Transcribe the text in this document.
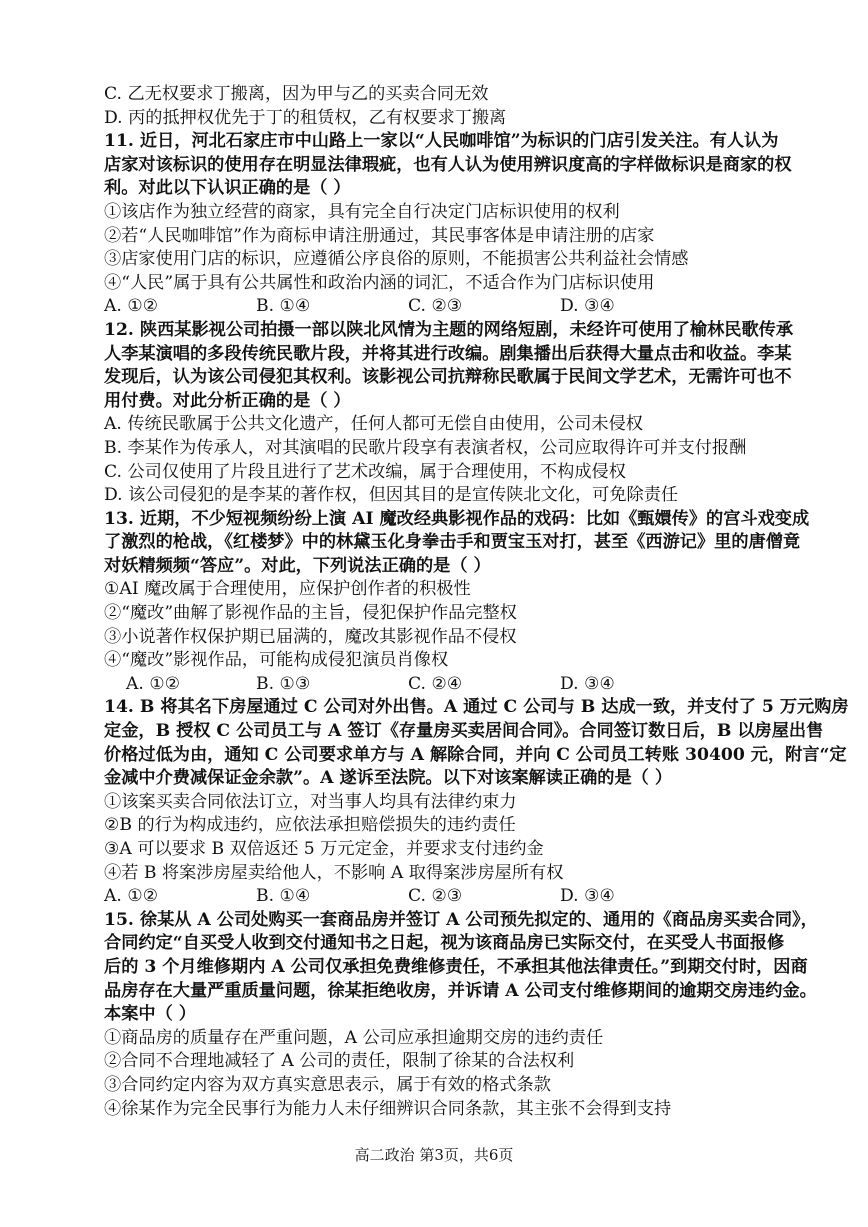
C. 乙无权要求丁搬离，因为甲与乙的买卖合同无效
D. 丙的抵押权优先于丁的租赁权，乙有权要求丁搬离
11. 近日，河北石家庄市中山路上一家以“人民咖啡馆”为标识的门店引发关注。有人认为
店家对该标识的使用存在明显法律瑕疵，也有人认为使用辨识度高的字样做标识是商家的权
利。对此以下认识正确的是（ ）
①该店作为独立经营的商家，具有完全自行决定门店标识使用的权利
②若“人民咖啡馆”作为商标申请注册通过，其民事客体是申请注册的店家
③店家使用门店的标识，应遵循公序良俗的原则，不能损害公共利益社会情感
④“人民”属于具有公共属性和政治内涵的词汇，不适合作为门店标识使用
A. ①②	B. ①④	C. ②③	D. ③④
12. 陕西某影视公司拍摄一部以陕北风情为主题的网络短剧，未经许可使用了榆林民歌传承
人李某演唱的多段传统民歌片段，并将其进行改编。剧集播出后获得大量点击和收益。李某
发现后，认为该公司侵犯其权利。该影视公司抗辩称民歌属于民间文学艺术，无需许可也不
用付费。对此分析正确的是（ ）
A. 传统民歌属于公共文化遗产，任何人都可无偿自由使用，公司未侵权
B. 李某作为传承人，对其演唱的民歌片段享有表演者权，公司应取得许可并支付报酬
C. 公司仅使用了片段且进行了艺术改编，属于合理使用，不构成侵权
D. 该公司侵犯的是李某的著作权，但因其目的是宣传陕北文化，可免除责任
13. 近期，不少短视频纷纷上演 AI 魔改经典影视作品的戏码：比如《甄嬛传》的宫斗戏变成
了激烈的枪战，《红楼梦》中的林黛玉化身拳击手和贾宝玉对打，甚至《西游记》里的唐僧竟
对妖精频频“答应”。对此，下列说法正确的是（ ）
①AI 魔改属于合理使用，应保护创作者的积极性
②“魔改”曲解了影视作品的主旨，侵犯保护作品完整权
③小说著作权保护期已届满的，魔改其影视作品不侵权
④“魔改”影视作品，可能构成侵犯演员肖像权
A. ①②	B. ①③	C. ②④	D. ③④
14. B 将其名下房屋通过 C 公司对外出售。A 通过 C 公司与 B 达成一致，并支付了 5 万元购房
定金，B 授权 C 公司员工与 A 签订《存量房买卖居间合同》。合同签订数日后，B 以房屋出售
价格过低为由，通知 C 公司要求单方与 A 解除合同，并向 C 公司员工转账 30400 元，附言“定
金减中介费减保证金余款”。A 遂诉至法院。以下对该案解读正确的是（ ）
①该案买卖合同依法订立，对当事人均具有法律约束力
②B 的行为构成违约，应依法承担赔偿损失的违约责任
③A 可以要求 B 双倍返还 5 万元定金，并要求支付违约金
④若 B 将案涉房屋卖给他人，不影响 A 取得案涉房屋所有权
A. ①②	B. ①④	C. ②③	D. ③④
15. 徐某从 A 公司处购买一套商品房并签订 A 公司预先拟定的、通用的《商品房买卖合同》，
合同约定“自买受人收到交付通知书之日起，视为该商品房已实际交付，在买受人书面报修
后的 3 个月维修期内 A 公司仅承担免费维修责任，不承担其他法律责任。”到期交付时，因商
品房存在大量严重质量问题，徐某拒绝收房，并诉请 A 公司支付维修期间的逾期交房违约金。
本案中（ ）
①商品房的质量存在严重问题，A 公司应承担逾期交房的违约责任
②合同不合理地减轻了 A 公司的责任，限制了徐某的合法权利
③合同约定内容为双方真实意思表示，属于有效的格式条款
④徐某作为完全民事行为能力人未仔细辨识合同条款，其主张不会得到支持
高二政治 第3页，共6页
